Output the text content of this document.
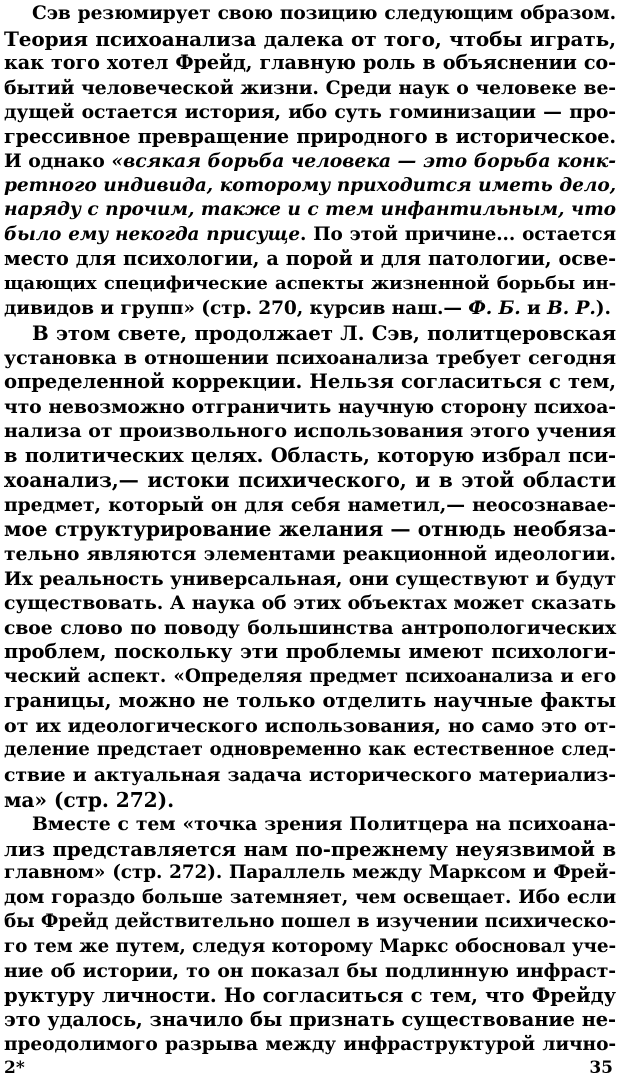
Сэв резюмирует свою позицию следующим образом.
Теория психоанализа далека от того, чтобы играть,
как того хотел Фрейд, главную роль в объяснении со-
бытий человеческой жизни. Среди наук о человеке ве-
дущей остается история, ибо суть гоминизации — про-
грессивное превращение природного в историческое.
И однако «всякая борьба человека — это борьба конк-
ретного индивида, которому приходится иметь дело,
наряду с прочим, также и с тем инфантильным, что
было ему некогда присуще. По этой причине... остается
место для психологии, а порой и для патологии, осве-
щающих специфические аспекты жизненной борьбы ин-
дивидов и групп» (стр. 270, курсив наш.— Ф. Б. и В. Р.).
В этом свете, продолжает Л. Сэв, политцеровская
установка в отношении психоанализа требует сегодня
определенной коррекции. Нельзя согласиться с тем,
что невозможно отграничить научную сторону психоа-
нализа от произвольного использования этого учения
в политических целях. Область, которую избрал пси-
хоанализ,— истоки психического, и в этой области
предмет, который он для себя наметил,— неосознавае-
мое структурирование желания — отнюдь необяза-
тельно являются элементами реакционной идеологии.
Их реальность универсальная, они существуют и будут
существовать. А наука об этих объектах может сказать
свое слово по поводу большинства антропологических
проблем, поскольку эти проблемы имеют психологи-
ческий аспект. «Определяя предмет психоанализа и его
границы, можно не только отделить научные факты
от их идеологического использования, но само это от-
деление предстает одновременно как естественное след-
ствие и актуальная задача исторического материализ-
ма» (стр. 272).
Вместе с тем «точка зрения Политцера на психоана-
лиз представляется нам по-прежнему неуязвимой в
главном» (стр. 272). Параллель между Марксом и Фрей-
дом гораздо больше затемняет, чем освещает. Ибо если
бы Фрейд действительно пошел в изучении психическо-
го тем же путем, следуя которому Маркс обосновал уче-
ние об истории, то он показал бы подлинную инфраст-
руктуру личности. Но согласиться с тем, что Фрейду
это удалось, значило бы признать существование не-
преодолимого разрыва между инфраструктурой лично-
2*	35
